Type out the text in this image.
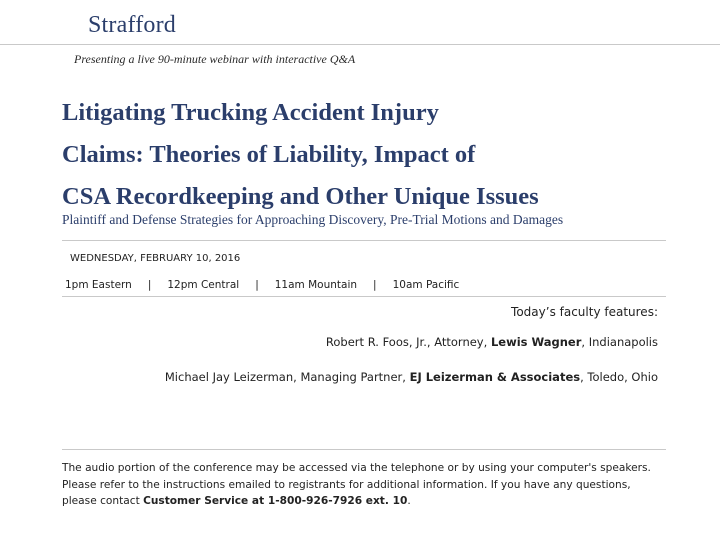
Strafford
Presenting a live 90-minute webinar with interactive Q&A
Litigating Trucking Accident Injury
Claims: Theories of Liability, Impact of
CSA Recordkeeping and Other Unique Issues
Plaintiff and Defense Strategies for Approaching Discovery, Pre-Trial Motions and Damages
WEDNESDAY, FEBRUARY 10, 2016
1pm Eastern | 12pm Central | 11am Mountain | 10am Pacific
Today’s faculty features:
Robert R. Foos, Jr., Attorney, Lewis Wagner, Indianapolis
Michael Jay Leizerman, Managing Partner, EJ Leizerman & Associates, Toledo, Ohio
The audio portion of the conference may be accessed via the telephone or by using your computer's speakers. Please refer to the instructions emailed to registrants for additional information. If you have any questions, please contact Customer Service at 1-800-926-7926 ext. 10.
